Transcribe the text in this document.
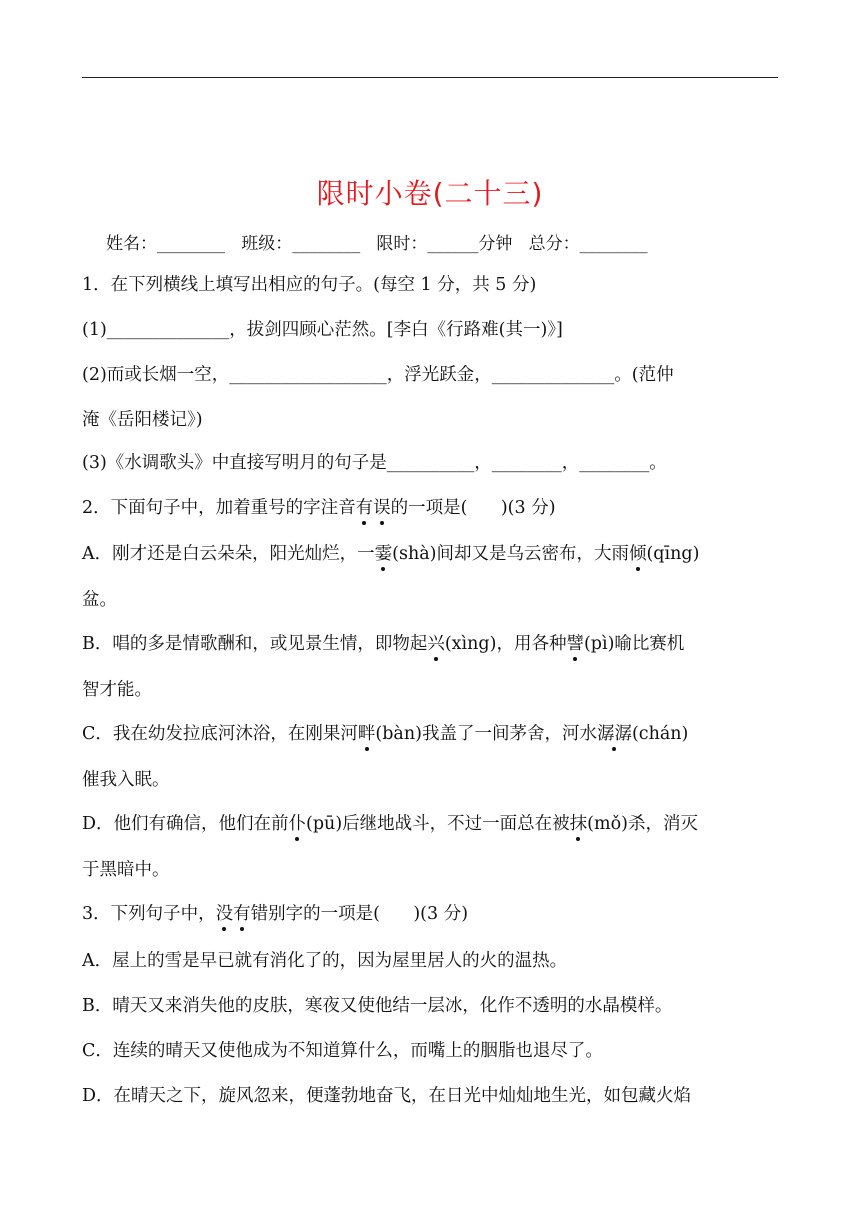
限时小卷(二十三)
姓名：________   班级：________   限时：______分钟   总分：________
1．在下列横线上填写出相应的句子。(每空 1 分，共 5 分)
(1)______________，拔剑四顾心茫然。[李白《行路难(其一)》]
(2)而或长烟一空，__________________，浮光跃金，______________。(范仲
淹《岳阳楼记》)
(3)《水调歌头》中直接写明月的句子是__________，________，________。
2．下面句子中，加着重号的字注音有误的一项是(      )(3 分)
A．刚才还是白云朵朵，阳光灿烂，一霎(shà)间却又是乌云密布，大雨倾(qīng)
盆。
B．唱的多是情歌酬和，或见景生情，即物起兴(xìng)，用各种譬(pì)喻比赛机
智才能。
C．我在幼发拉底河沐浴，在刚果河畔(bàn)我盖了一间茅舍，河水潺潺(chán)
催我入眠。
D．他们有确信，他们在前仆(pū)后继地战斗，不过一面总在被抹(mǒ)杀，消灭
于黑暗中。
3．下列句子中，没有错别字的一项是(      )(3 分)
A．屋上的雪是早已就有消化了的，因为屋里居人的火的温热。
B．晴天又来消失他的皮肤，寒夜又使他结一层冰，化作不透明的水晶模样。
C．连续的晴天又使他成为不知道算什么，而嘴上的胭脂也退尽了。
D．在晴天之下，旋风忽来，便蓬勃地奋飞，在日光中灿灿地生光，如包藏火焰
